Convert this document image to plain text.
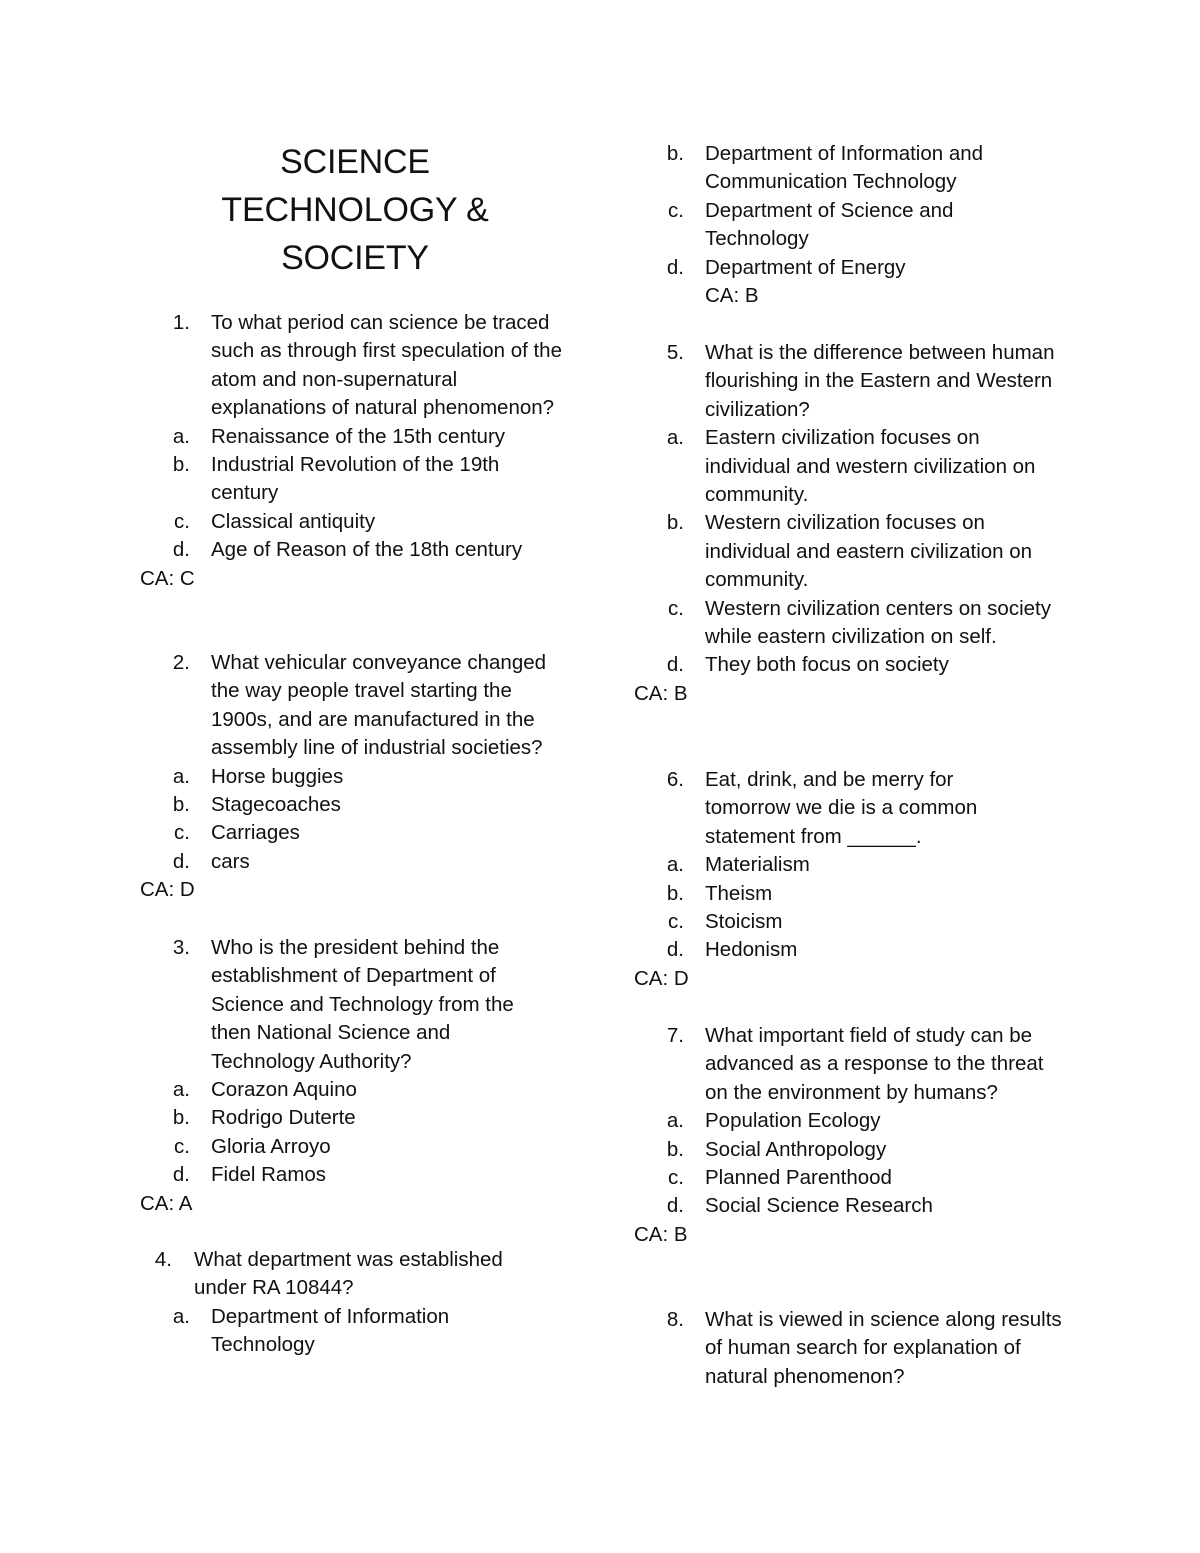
SCIENCE
TECHNOLOGY &
SOCIETY
1. To what period can science be traced such as through first speculation of the atom and non-supernatural explanations of natural phenomenon?
a. Renaissance of the 15th century
b. Industrial Revolution of the 19th century
c. Classical antiquity
d. Age of Reason of the 18th century
CA: C
2. What vehicular conveyance changed the way people travel starting the 1900s, and are manufactured in the assembly line of industrial societies?
a. Horse buggies
b. Stagecoaches
c. Carriages
d. cars
CA: D
3. Who is the president behind the establishment of Department of Science and Technology from the then National Science and Technology Authority?
a. Corazon Aquino
b. Rodrigo Duterte
c. Gloria Arroyo
d. Fidel Ramos
CA: A
4. What department was established under RA 10844?
a. Department of Information Technology
b. Department of Information and Communication Technology
c. Department of Science and Technology
d. Department of Energy
CA: B
5. What is the difference between human flourishing in the Eastern and Western civilization?
a. Eastern civilization focuses on individual and western civilization on community.
b. Western civilization focuses on individual and eastern civilization on community.
c. Western civilization centers on society while eastern civilization on self.
d. They both focus on society
CA: B
6. Eat, drink, and be merry for tomorrow we die is a common statement from ______.
a. Materialism
b. Theism
c. Stoicism
d. Hedonism
CA: D
7. What important field of study can be advanced as a response to the threat on the environment by humans?
a. Population Ecology
b. Social Anthropology
c. Planned Parenthood
d. Social Science Research
CA: B
8. What is viewed in science along results of human search for explanation of natural phenomenon?
